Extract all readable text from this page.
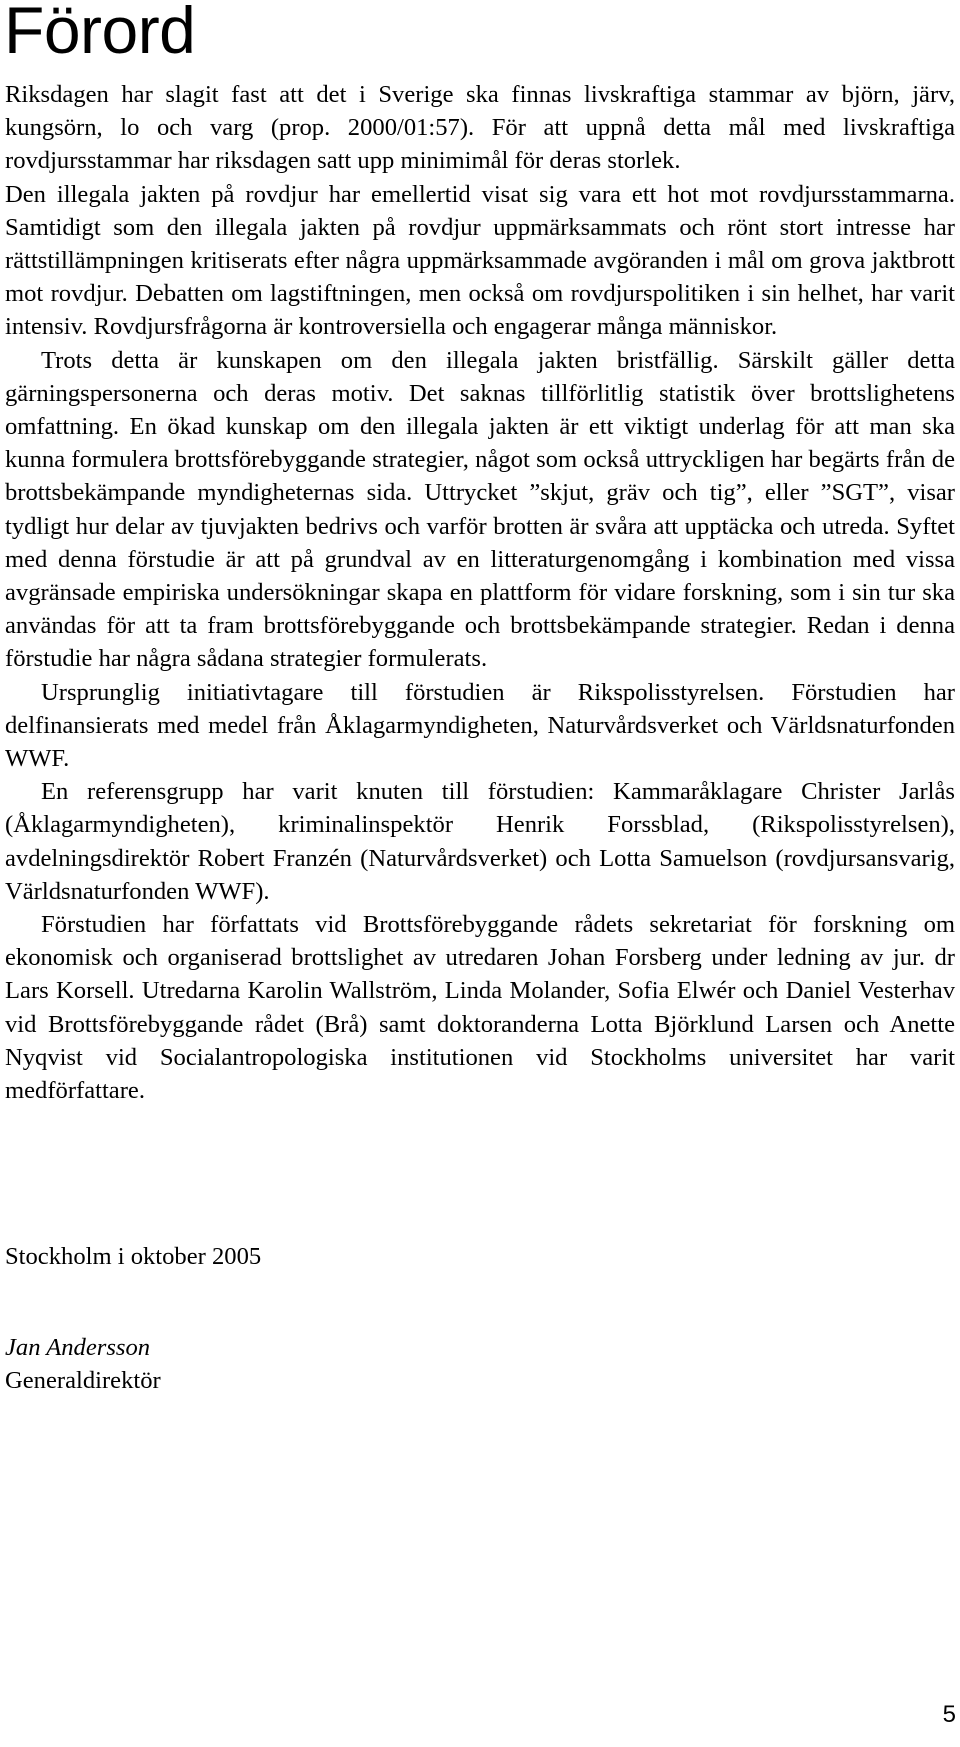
Förord

Riksdagen har slagit fast att det i Sverige ska finnas livskraftiga stammar av björn, järv, kungsörn, lo och varg (prop. 2000/01:57). För att uppnå detta mål med livskraftiga rovdjursstammar har riksdagen satt upp minimimål för deras storlek.

Den illegala jakten på rovdjur har emellertid visat sig vara ett hot mot rovdjursstammarna. Samtidigt som den illegala jakten på rovdjur uppmärksammats och rönt stort intresse har rättstillämpningen kritiserats efter några uppmärksammade avgöranden i mål om grova jaktbrott mot rovdjur. Debatten om lagstiftningen, men också om rovdjurspolitiken i sin helhet, har varit intensiv. Rovdjursfrågorna är kontroversiella och engagerar många människor.

Trots detta är kunskapen om den illegala jakten bristfällig. Särskilt gäller detta gärningspersonerna och deras motiv. Det saknas tillförlitlig statistik över brottslighetens omfattning. En ökad kunskap om den illegala jakten är ett viktigt underlag för att man ska kunna formulera brottsförebyggande strategier, något som också uttryckligen har begärts från de brottsbekämpande myndigheternas sida. Uttrycket ”skjut, gräv och tig”, eller ”SGT”, visar tydligt hur delar av tjuvjakten bedrivs och varför brotten är svåra att upptäcka och utreda. Syftet med denna förstudie är att på grundval av en litteraturgenomgång i kombination med vissa avgränsade empiriska undersökningar skapa en plattform för vidare forskning, som i sin tur ska användas för att ta fram brottsförebyggande och brottsbekämpande strategier. Redan i denna förstudie har några sådana strategier formulerats.

Ursprunglig initiativtagare till förstudien är Rikspolisstyrelsen. Förstudien har delfinansierats med medel från Åklagarmyndigheten, Naturvårdsverket och Världsnaturfonden WWF.

En referensgrupp har varit knuten till förstudien: Kammaråklagare Christer Jarlås (Åklagarmyndigheten), kriminalinspektör Henrik Forssblad, (Rikspolisstyrelsen), avdelningsdirektör Robert Franzén (Naturvårdsverket) och Lotta Samuelson (rovdjursansvarig, Världsnaturfonden WWF).

Förstudien har författats vid Brottsförebyggande rådets sekretariat för forskning om ekonomisk och organiserad brottslighet av utredaren Johan Forsberg under ledning av jur. dr Lars Korsell. Utredarna Karolin Wallström, Linda Molander, Sofia Elwér och Daniel Vesterhav vid Brottsförebyggande rådet (Brå) samt doktoranderna Lotta Björklund Larsen och Anette Nyqvist vid Socialantropologiska institutionen vid Stockholms universitet har varit medförfattare.

Stockholm i oktober 2005

Jan Andersson

Generaldirektör

5
